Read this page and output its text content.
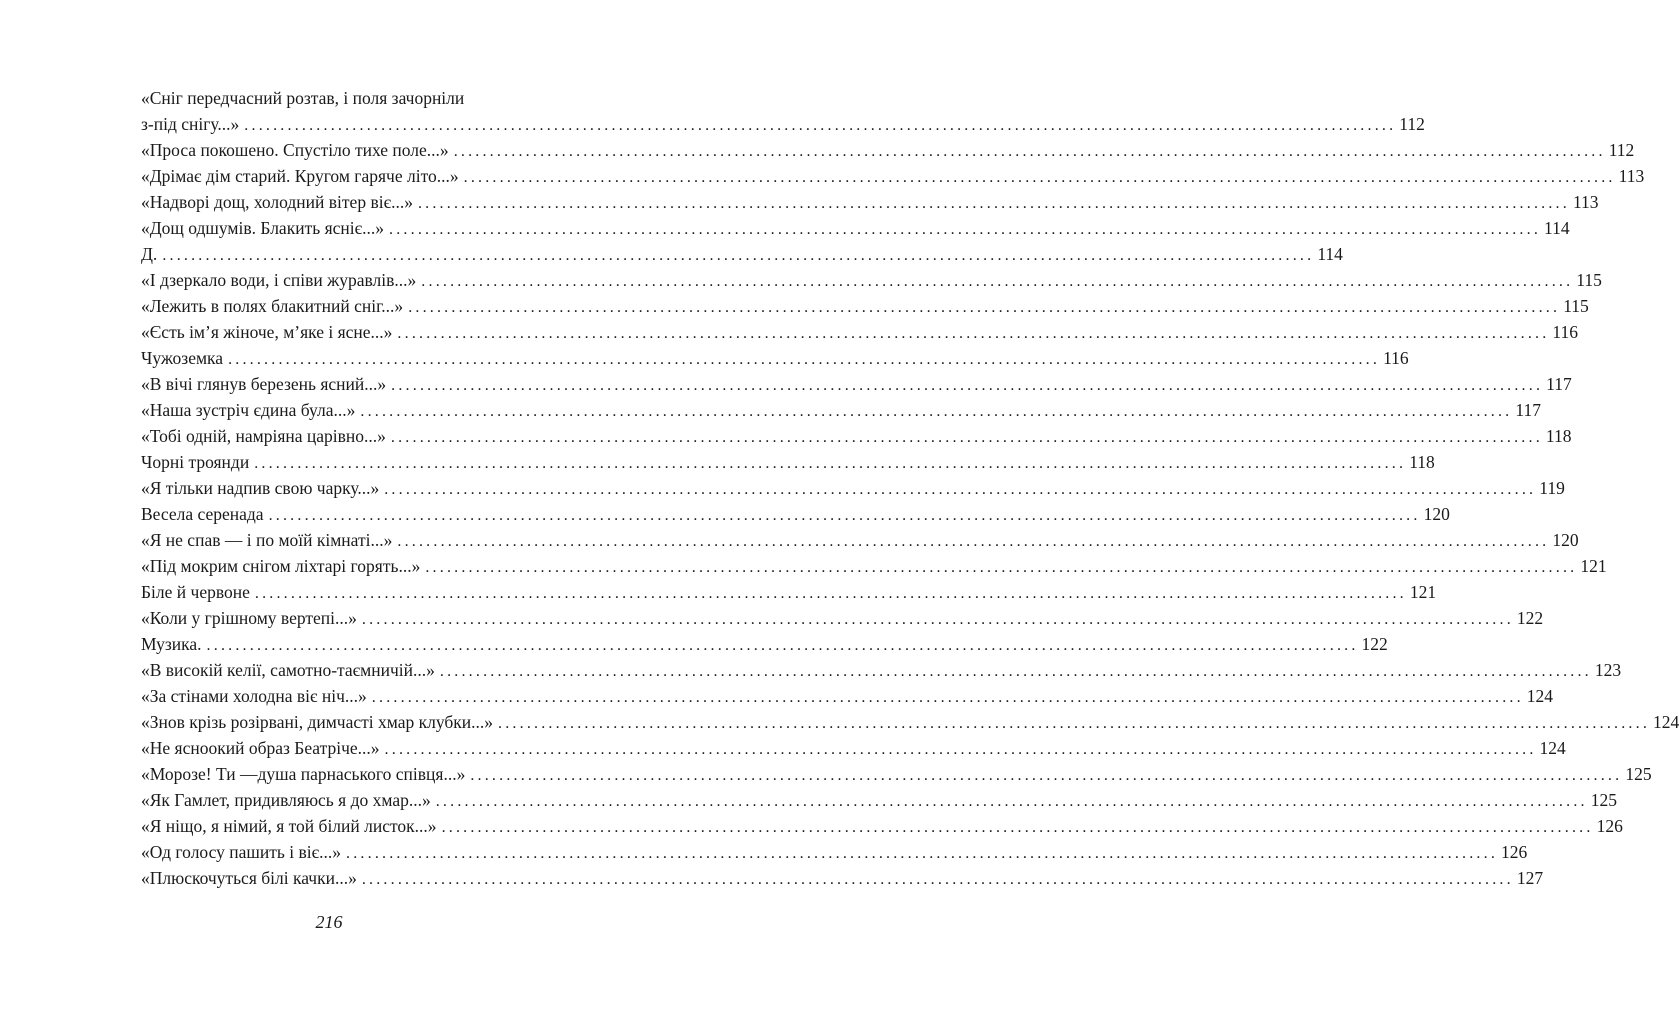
«Сніг передчасний розтав, і поля зачорніли
з-під снігу...» ................................................................................................................................................................ 112
«Проса покошено. Спустіло тихе поле...» ................................................................................................................................................................ 112
«Дрімає дім старий. Кругом гаряче літо...» ................................................................................................................................................................ 113
«Надворі дощ, холодний вітер віє...» ................................................................................................................................................................ 113
«Дощ одшумів. Блакить ясніє...» ................................................................................................................................................................ 114
Д. ................................................................................................................................................................ 114
«І дзеркало води, і співи журавлів...» ................................................................................................................................................................ 115
«Лежить в полях блакитний сніг...» ................................................................................................................................................................ 115
«Єсть ім’я жіноче, м’яке і ясне...» ................................................................................................................................................................ 116
Чужоземка ................................................................................................................................................................ 116
«В вічі глянув березень ясний...» ................................................................................................................................................................ 117
«Наша зустріч єдина була...» ................................................................................................................................................................ 117
«Тобі одній, намріяна царівно...» ................................................................................................................................................................ 118
Чорні троянди ................................................................................................................................................................ 118
«Я тільки надпив свою чарку...» ................................................................................................................................................................ 119
Весела серенада ................................................................................................................................................................ 120
«Я не спав — і по моїй кімнаті...» ................................................................................................................................................................ 120
«Під мокрим снігом ліхтарі горять...» ................................................................................................................................................................ 121
Біле й червоне ................................................................................................................................................................ 121
«Коли у грішному вертепі...» ................................................................................................................................................................ 122
Музика. ................................................................................................................................................................ 122
«В високій келії, самотно-таємничій...» ................................................................................................................................................................ 123
«За стінами холодна віє ніч...» ................................................................................................................................................................ 124
«Знов крізь розірвані, димчасті хмар клубки...» ................................................................................................................................................................ 124
«Не ясноокий образ Беатріче...» ................................................................................................................................................................ 124
«Морозе! Ти —душа парнаського співця...» ................................................................................................................................................................ 125
«Як Гамлет, придивляюсь я до хмар...» ................................................................................................................................................................ 125
«Я ніщо, я німий, я той білий листок...» ................................................................................................................................................................ 126
«Од голосу пашить і віє...» ................................................................................................................................................................ 126
«Плюскочуться білі качки...» ................................................................................................................................................................ 127
216
